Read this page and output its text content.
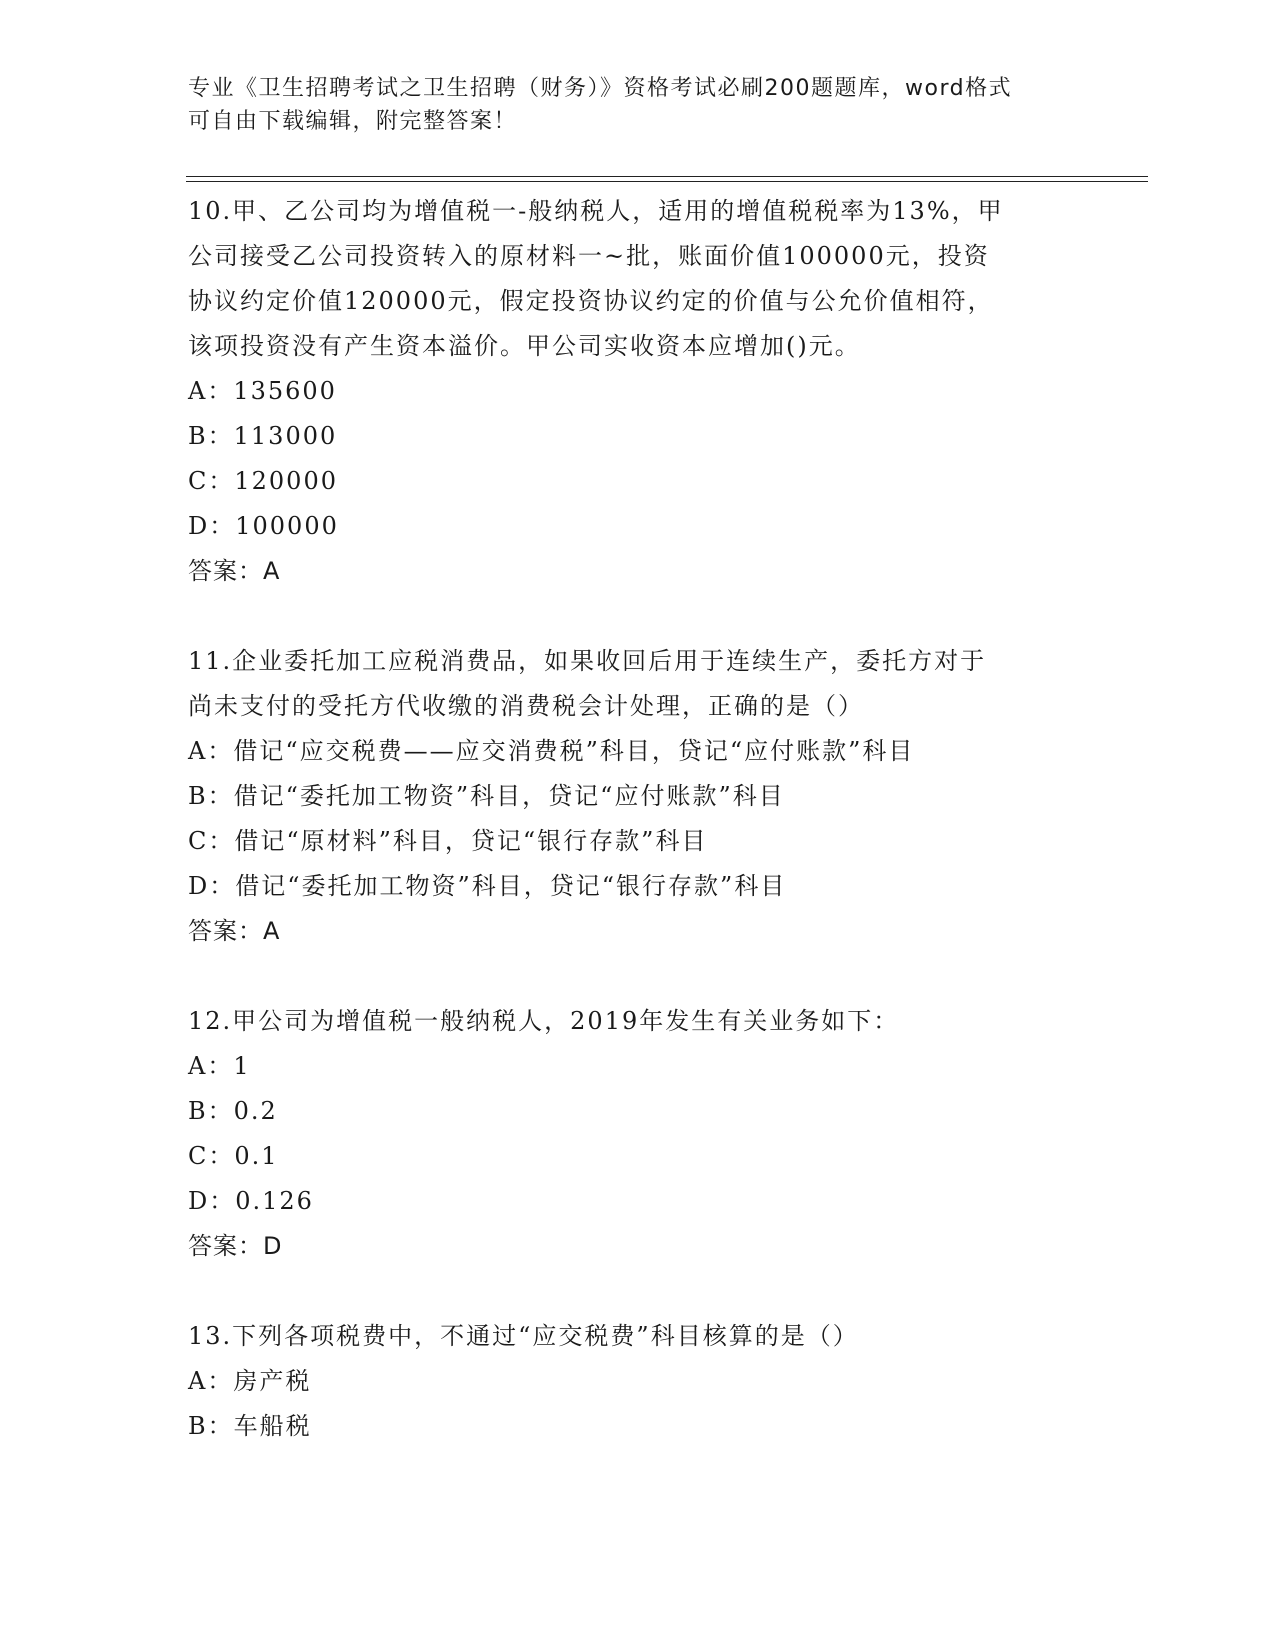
专业《卫生招聘考试之卫生招聘（财务）》资格考试必刷200题题库，word格式
可自由下载编辑，附完整答案！
10.甲、乙公司均为增值税一-般纳税人，适用的增值税税率为13%，甲
公司接受乙公司投资转入的原材料一~批，账面价值100000元，投资
协议约定价值120000元，假定投资协议约定的价值与公允价值相符，
该项投资没有产生资本溢价。甲公司实收资本应增加()元。
A：135600
B：113000
C：120000
D：100000
答案：A
11.企业委托加工应税消费品，如果收回后用于连续生产，委托方对于
尚未支付的受托方代收缴的消费税会计处理，正确的是（）
A：借记“应交税费——应交消费税”科目，贷记“应付账款”科目
B：借记“委托加工物资”科目，贷记“应付账款”科目
C：借记“原材料”科目，贷记“银行存款”科目
D：借记“委托加工物资”科目，贷记“银行存款”科目
答案：A
12.甲公司为增值税一般纳税人，2019年发生有关业务如下：
A：1
B：0.2
C：0.1
D：0.126
答案：D
13.下列各项税费中，不通过“应交税费”科目核算的是（）
A：房产税
B：车船税
